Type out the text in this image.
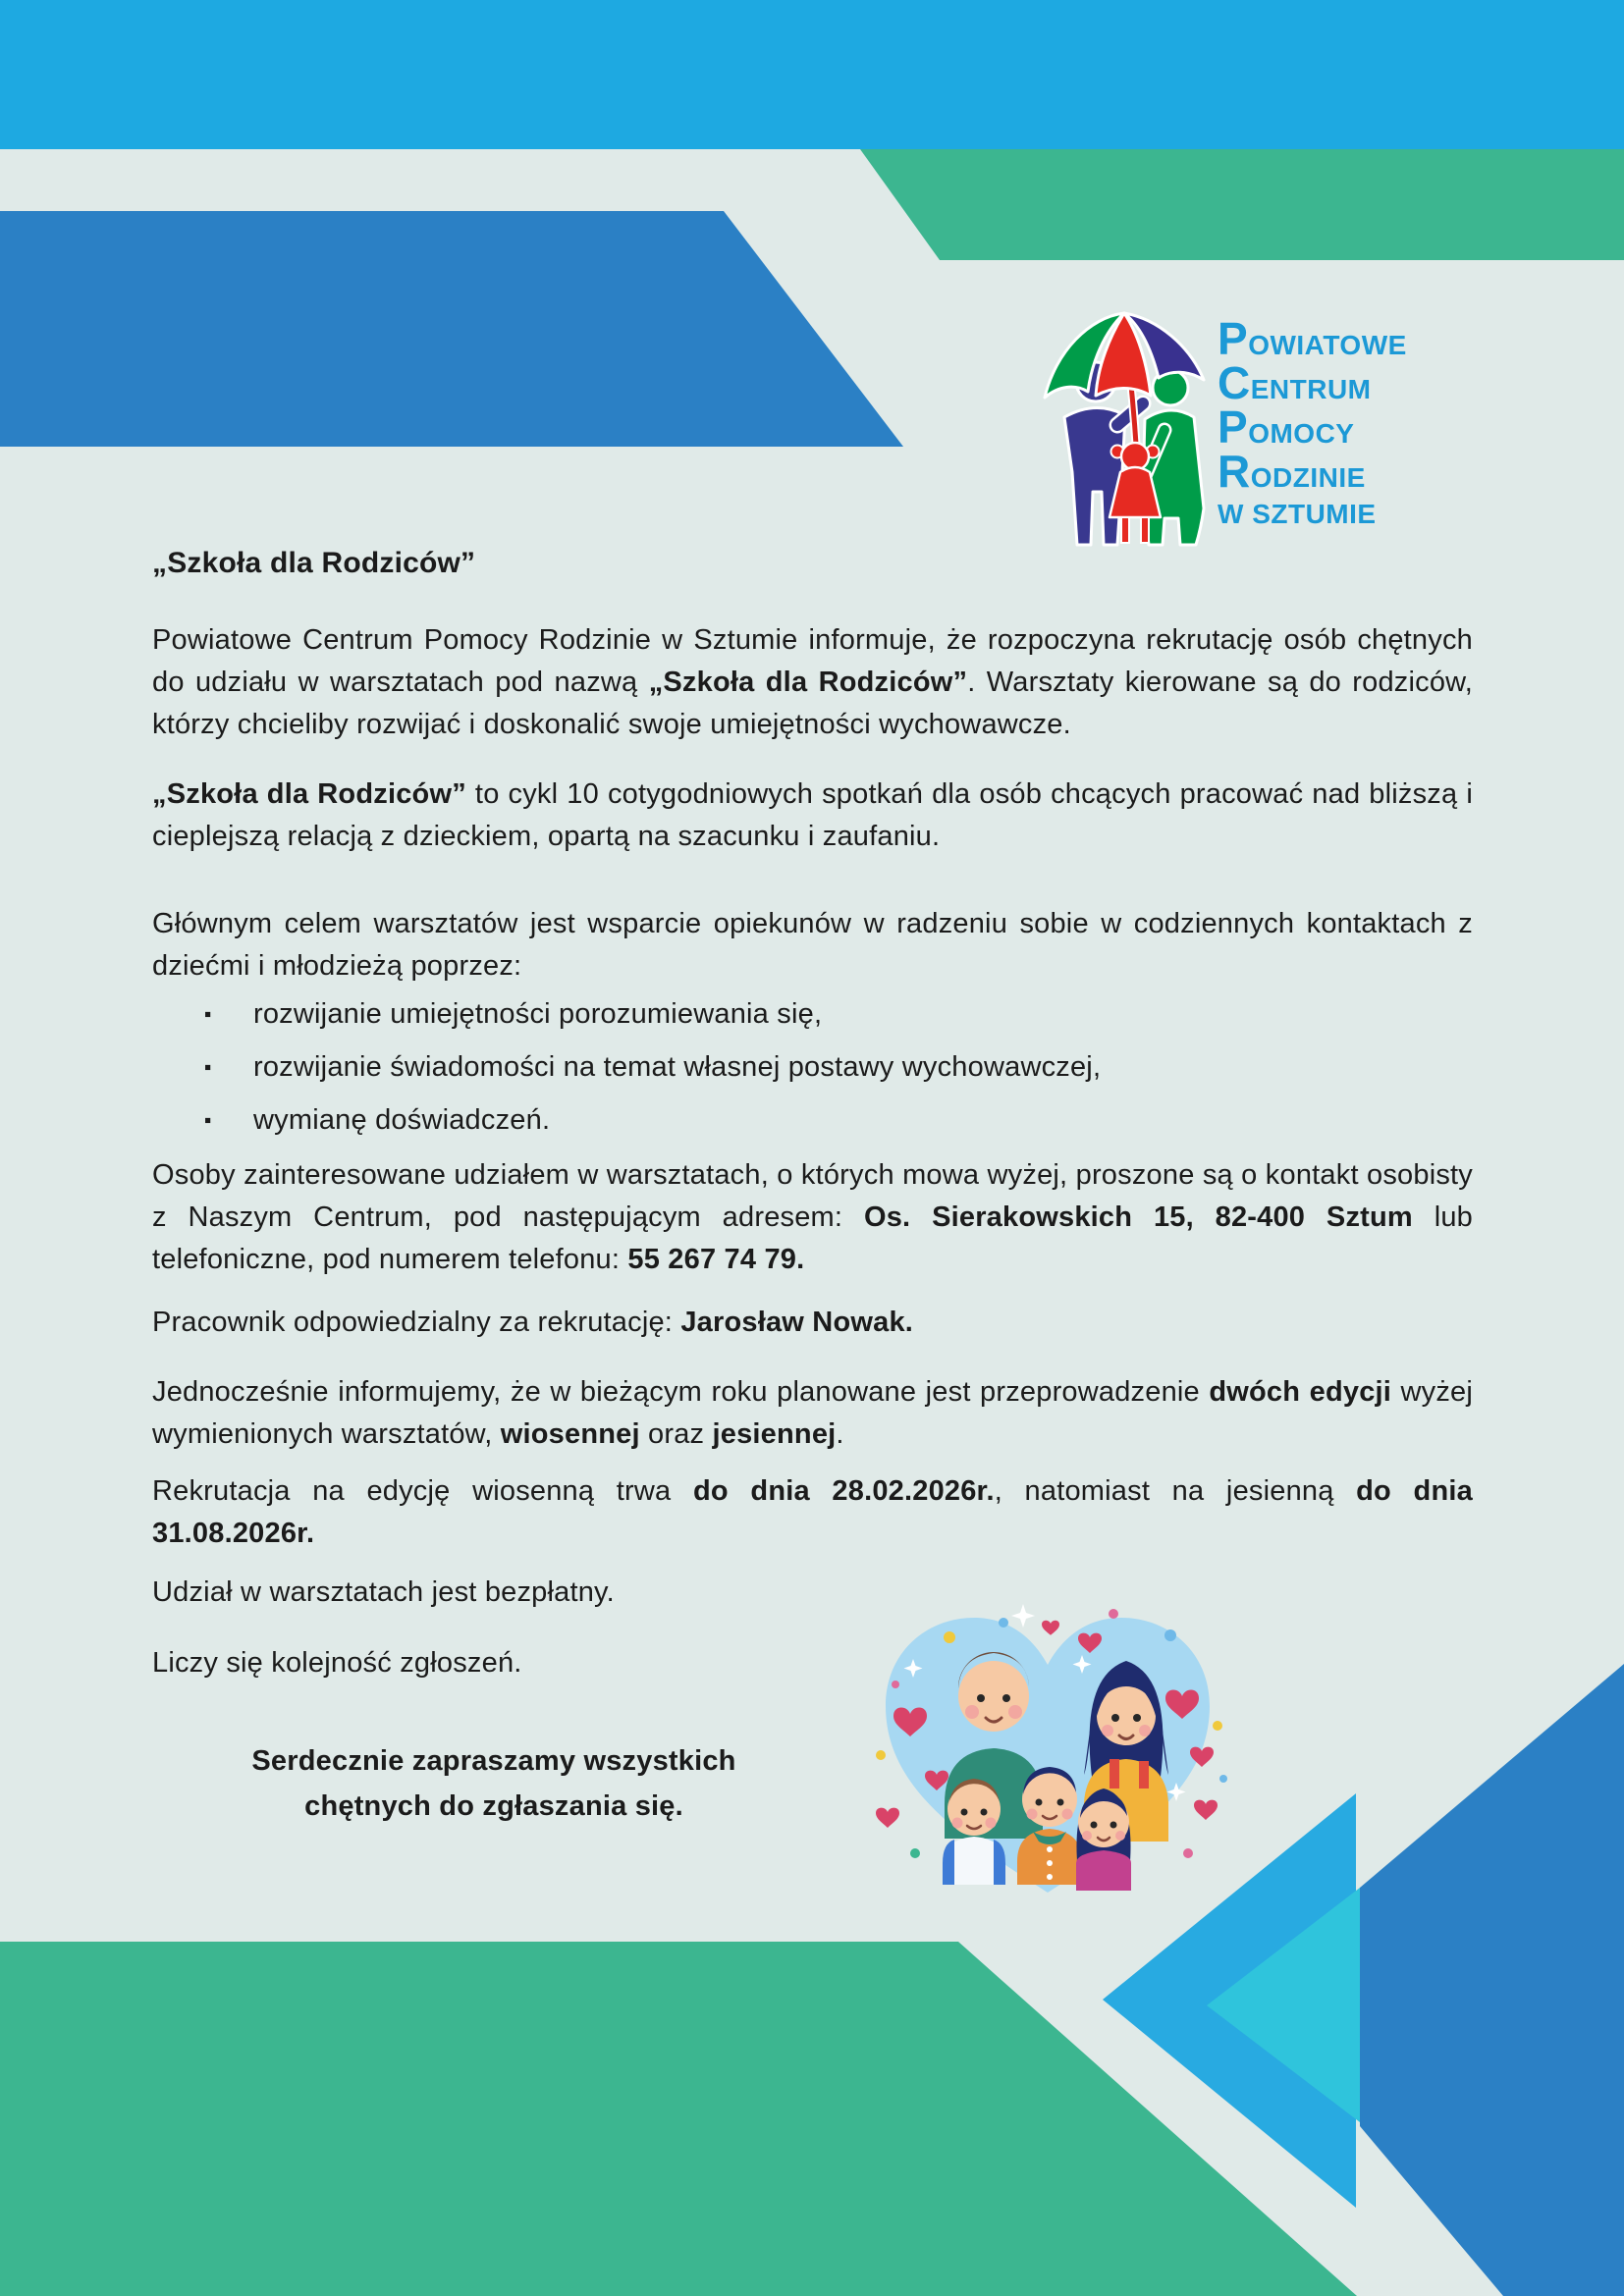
POWIATOWE
CENTRUM
POMOCY
RODZINIE
W SZTUMIE
„Szkoła dla Rodziców”

Powiatowe Centrum Pomocy Rodzinie w Sztumie informuje, że rozpoczyna rekrutację osób chętnych do udziału w warsztatach pod nazwą „Szkoła dla Rodziców”. Warsztaty kierowane są do rodziców, którzy chcieliby rozwijać i doskonalić swoje umiejętności wychowawcze.

„Szkoła dla Rodziców” to cykl 10 cotygodniowych spotkań dla osób chcących pracować nad bliższą i cieplejszą relacją z dzieckiem, opartą na szacunku i zaufaniu.

Głównym celem warsztatów jest wsparcie opiekunów w radzeniu sobie w codziennych kontaktach z dziećmi i młodzieżą poprzez:

▪ rozwijanie umiejętności porozumiewania się,
▪ rozwijanie świadomości na temat własnej postawy wychowawczej,
▪ wymianę doświadczeń.

Osoby zainteresowane udziałem w warsztatach, o których mowa wyżej, proszone są o kontakt osobisty z Naszym Centrum, pod następującym adresem: Os. Sierakowskich 15, 82-400 Sztum lub telefoniczne, pod numerem telefonu: 55 267 74 79.

Pracownik odpowiedzialny za rekrutację: Jarosław Nowak.

Jednocześnie informujemy, że w bieżącym roku planowane jest przeprowadzenie dwóch edycji wyżej wymienionych warsztatów, wiosennej oraz jesiennej.

Rekrutacja na edycję wiosenną trwa do dnia 28.02.2026r., natomiast na jesienną do dnia 31.08.2026r.

Udział w warsztatach jest bezpłatny.

Liczy się kolejność zgłoszeń.

Serdecznie zapraszamy wszystkich chętnych do zgłaszania się.
